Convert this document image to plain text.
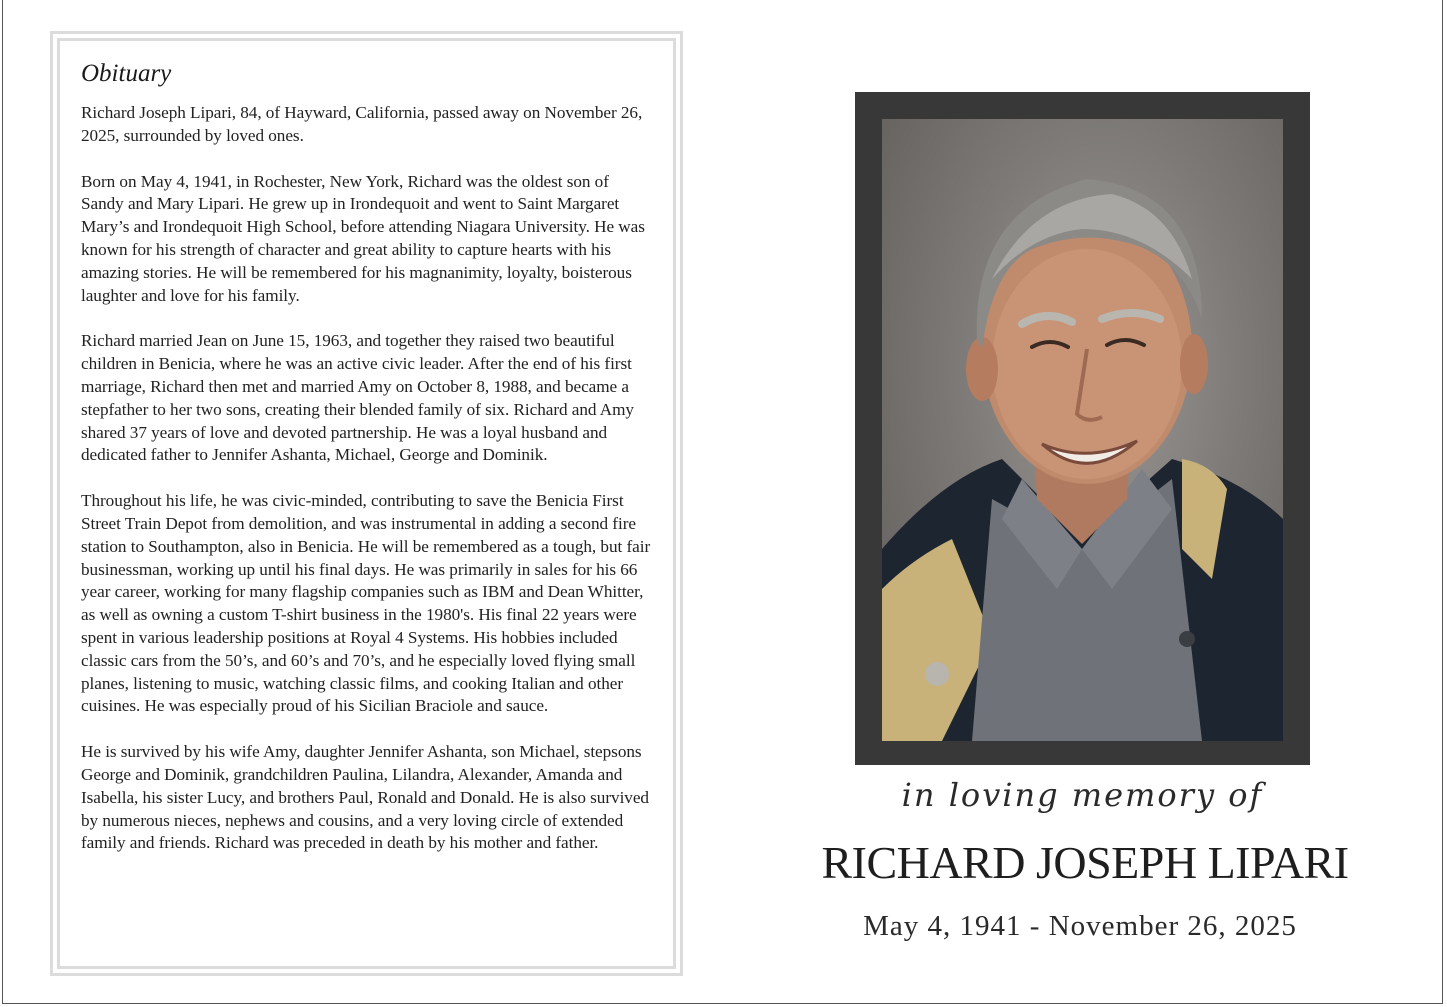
Obituary

Richard Joseph Lipari, 84, of Hayward, California, passed away on November 26, 2025, surrounded by loved ones.

Born on May 4, 1941, in Rochester, New York, Richard was the oldest son of Sandy and Mary Lipari. He grew up in Irondequoit and went to Saint Margaret Mary’s and Irondequoit High School, before attending Niagara University. He was known for his strength of character and great ability to capture hearts with his amazing stories. He will be remembered for his magnanimity, loyalty, boisterous laughter and love for his family.

Richard married Jean on June 15, 1963, and together they raised two beautiful children in Benicia, where he was an active civic leader. After the end of his first marriage, Richard then met and married Amy on October 8, 1988, and became a stepfather to her two sons, creating their blended family of six. Richard and Amy shared 37 years of love and devoted partnership. He was a loyal husband and dedicated father to Jennifer Ashanta, Michael, George and Dominik.

Throughout his life, he was civic-minded, contributing to save the Benicia First Street Train Depot from demolition, and was instrumental in adding a second fire station to Southampton, also in Benicia. He will be remembered as a tough, but fair businessman, working up until his final days. He was primarily in sales for his 66 year career, working for many flagship companies such as IBM and Dean Whitter, as well as owning a custom T-shirt business in the 1980's. His final 22 years were spent in various leadership positions at Royal 4 Systems. His hobbies included classic cars from the 50’s, and 60’s and 70’s, and he especially loved flying small planes, listening to music, watching classic films, and cooking Italian and other cuisines. He was especially proud of his Sicilian Braciole and sauce.

He is survived by his wife Amy, daughter Jennifer Ashanta, son Michael, stepsons George and Dominik, grandchildren Paulina, Lilandra, Alexander, Amanda and Isabella, his sister Lucy, and brothers Paul, Ronald and Donald. He is also survived by numerous nieces, nephews and cousins, and a very loving circle of extended family and friends. Richard was preceded in death by his mother and father.

in loving memory of
RICHARD JOSEPH LIPARI
May 4, 1941 - November 26, 2025
